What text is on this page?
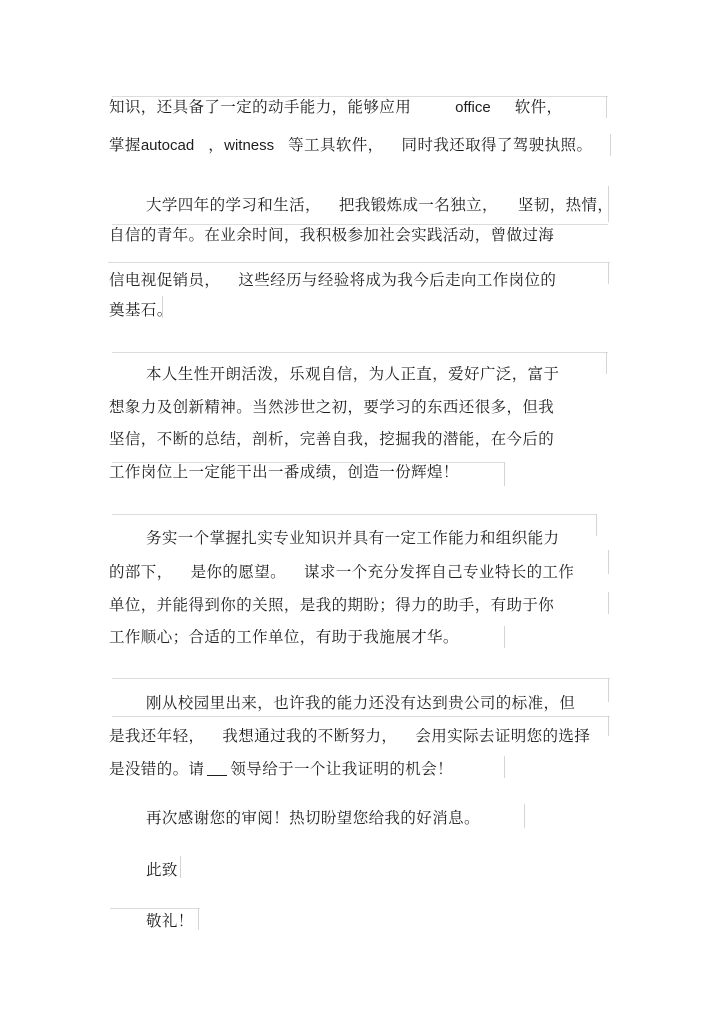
知识，还具备了一定的动手能力，能够应用	office 软件，
掌握autocad ，witness 等工具软件， 同时我还取得了驾驶执照。
大学四年的学习和生活， 把我锻炼成一名独立， 坚韧，热情，
自信的青年。在业余时间，我积极参加社会实践活动，曾做过海
信电视促销员， 这些经历与经验将成为我今后走向工作岗位的
奠基石。
本人生性开朗活泼，乐观自信，为人正直，爱好广泛，富于
想象力及创新精神。当然涉世之初，要学习的东西还很多，但我
坚信，不断的总结，剖析，完善自我，挖掘我的潜能，在今后的
工作岗位上一定能干出一番成绩，创造一份辉煌！
务实一个掌握扎实专业知识并具有一定工作能力和组织能力
的部下， 是你的愿望。 谋求一个充分发挥自己专业特长的工作
单位，并能得到你的关照，是我的期盼；得力的助手，有助于你
工作顺心；合适的工作单位，有助于我施展才华。
刚从校园里出来，也许我的能力还没有达到贵公司的标准，但
是我还年轻， 我想通过我的不断努力， 会用实际去证明您的选择
是没错的。请 领导给于一个让我证明的机会！
再次感谢您的审阅！热切盼望您给我的好消息。
此致
敬礼！
